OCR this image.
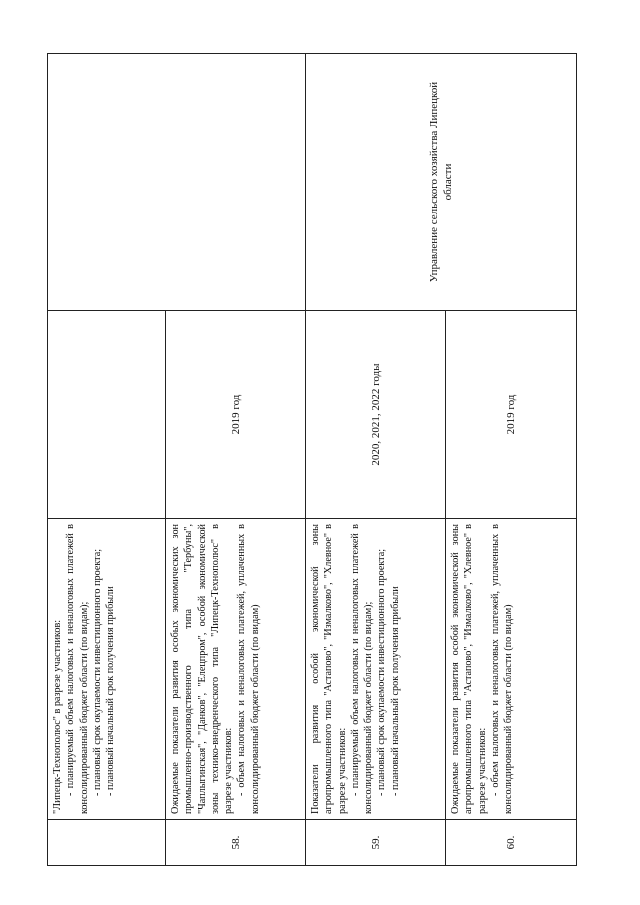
"Липецк-Технополюс" в разрезе участников: - планируемый объем налоговых и неналоговых платежей в консолидированный бюджет области (по видам); - плановый срок окупаемости инвестиционного проекта; - плановый начальный срок получения прибыли

58.

Ожидаемые показатели развития особых экономических зон промышленно-производственного типа "Тербуны", "Чаплыгинская", "Данков", "Елецпром", особой экономической зоны технико-внедренческого типа "Липецк-Технополюс" в разрезе участников: - объем налоговых и неналоговых платежей, уплаченных в консолидированный бюджет области (по видам)

2019 год
59.

Показатели развития особой экономической зоны агропромышленного типа "Астапово", "Измалково", "Хлевное" в разрезе участников: - планируемый объем налоговых и неналоговых платежей в консолидированный бюджет области (по видам); - плановый срок окупаемости инвестиционного проекта; - плановый начальный срок получения прибыли

2020, 2021, 2022 годы
60.

Ожидаемые показатели развития особой экономической зоны агропромышленного типа "Астапово", "Измалково", "Хлевное" в разрезе участников: - объем налоговых и неналоговых платежей, уплаченных в консолидированный бюджет области (по видам)

2019 год
Управление сельского хозяйства Липецкой области
